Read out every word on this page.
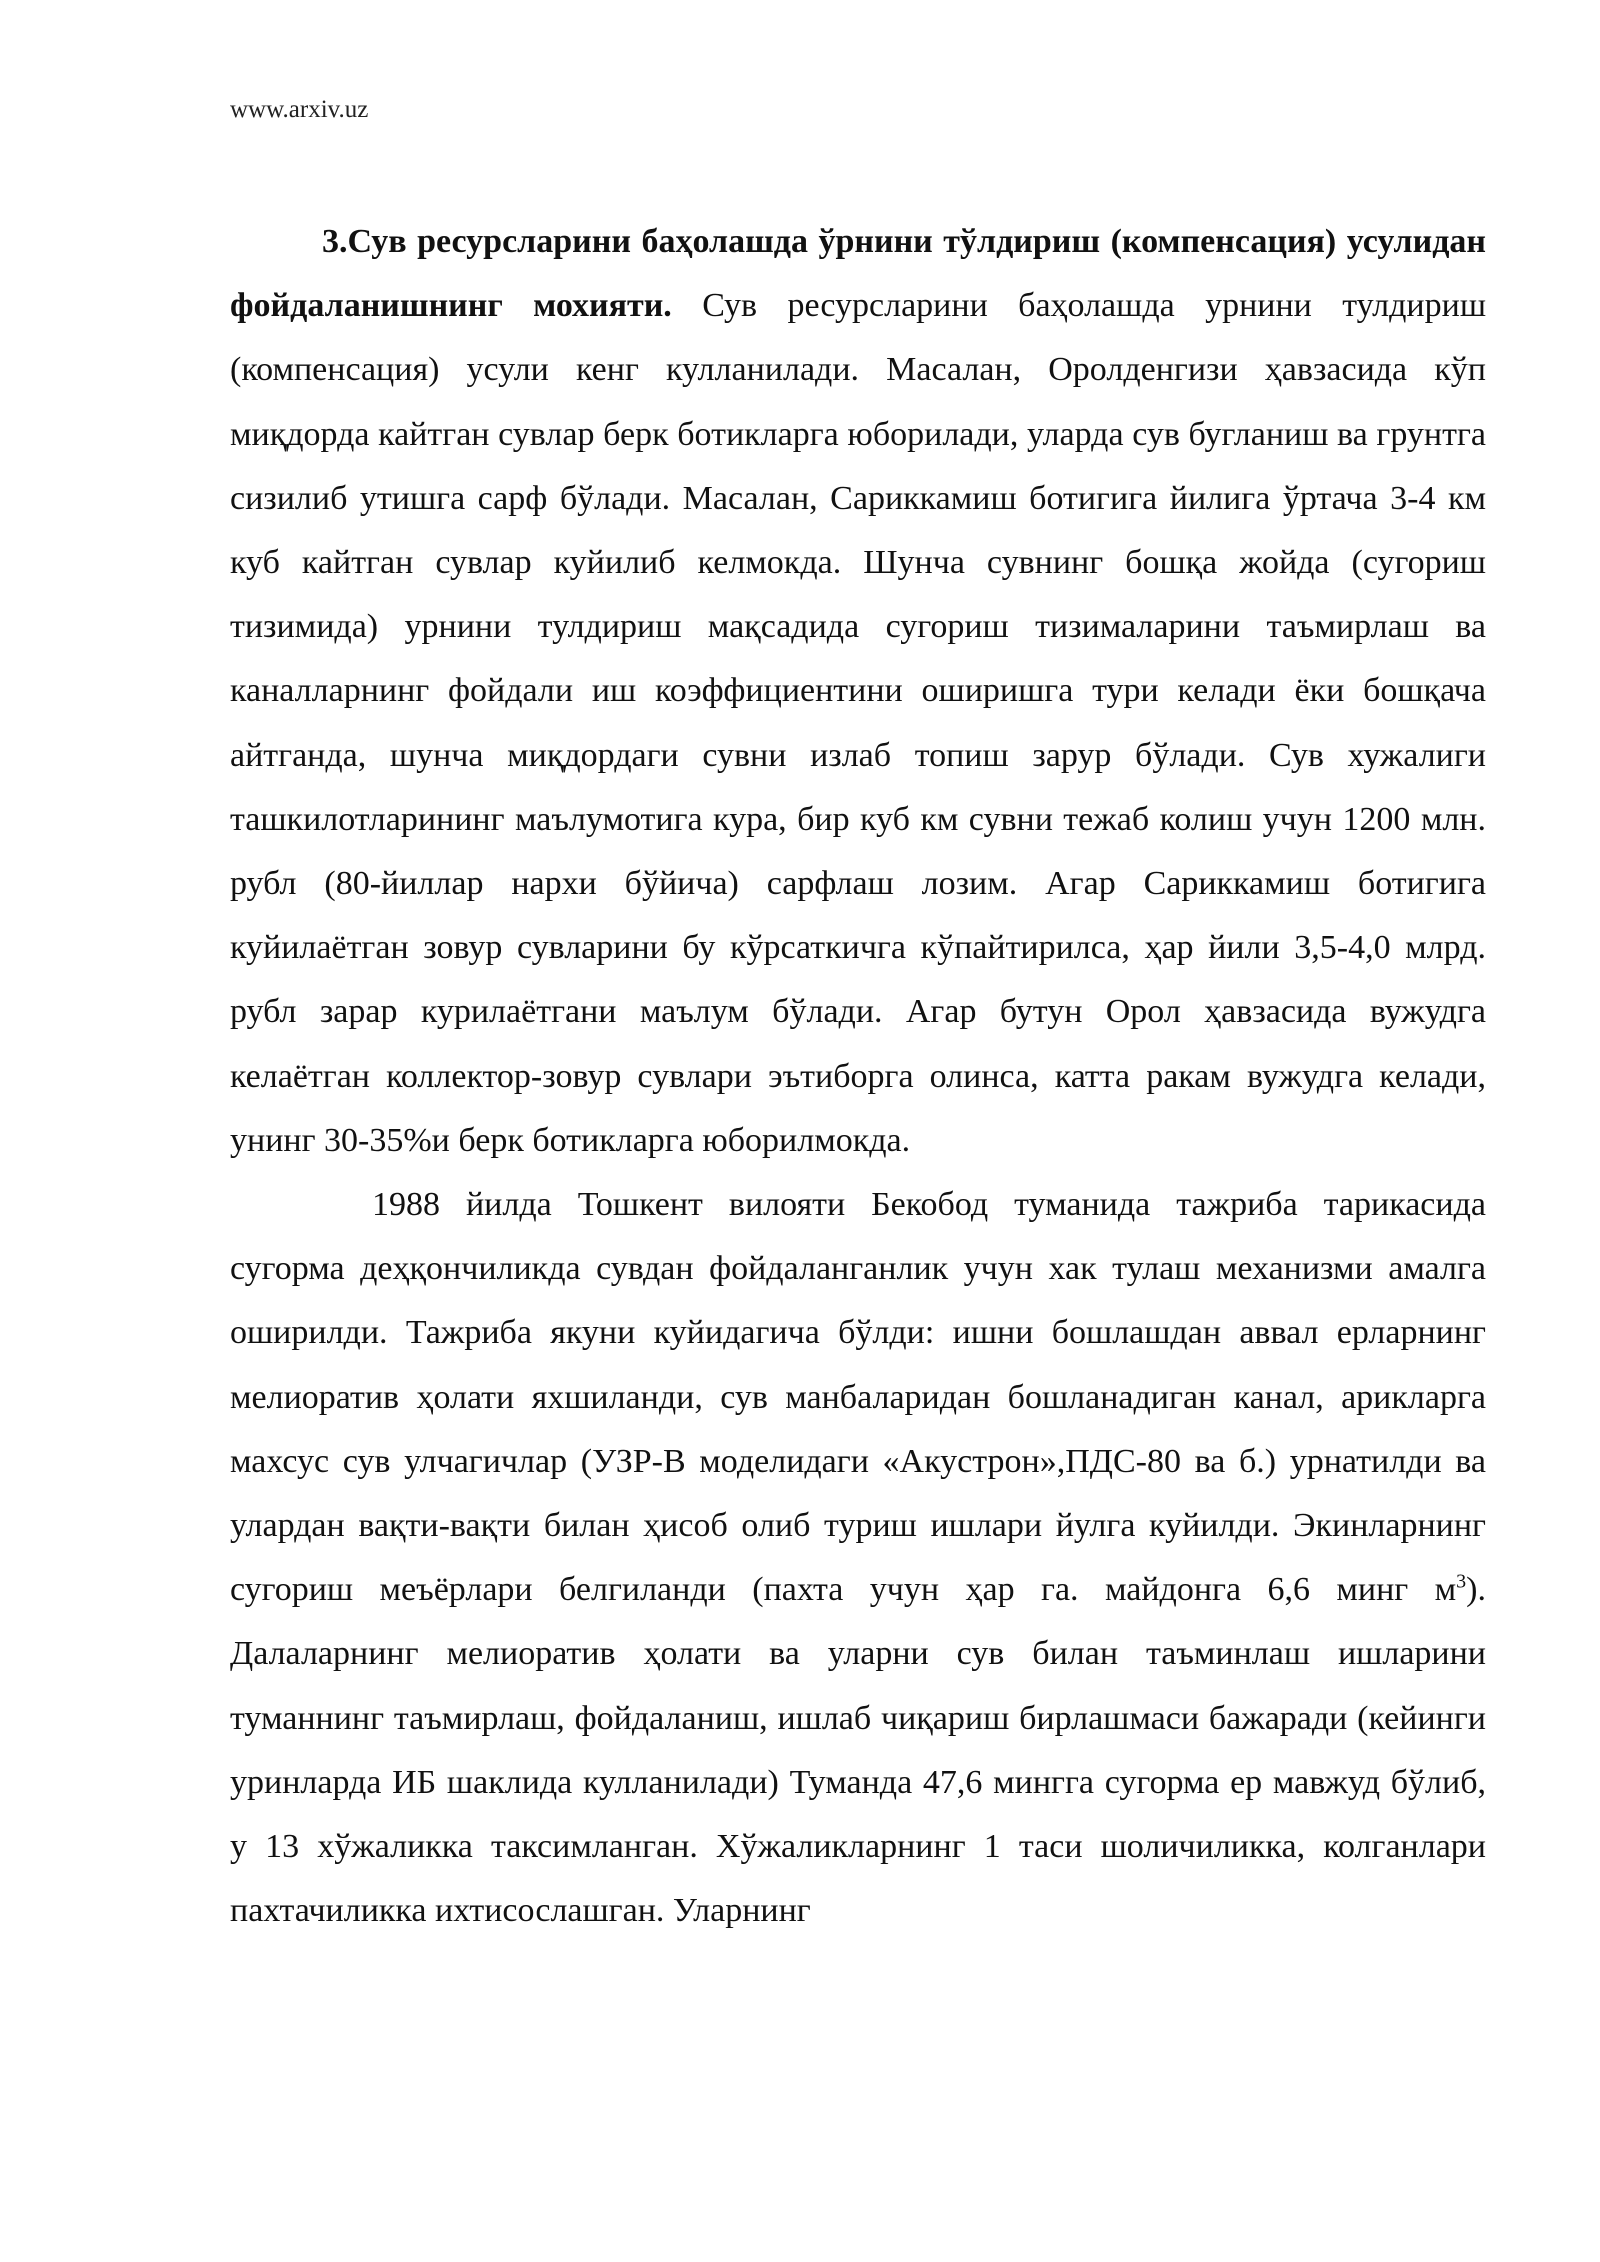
www.arxiv.uz

3.Сув ресурсларини баҳолашда ўрнини тўлдириш (компенсация) усулидан фойдаланишнинг мохияти. Сув ресурсларини баҳолашда урнини тулдириш (компенсация) усули кенг кулланилади. Масалан, Оролденгизи ҳавзасида кўп миқдорда кайтган сувлар берк ботикларга юборилади, уларда сув бугланиш ва грунтга сизилиб утишга сарф бўлади. Масалан, Сариккамиш ботигига йилига ўртача 3-4 км куб кайтган сувлар куйилиб келмокда. Шунча сувнинг бошқа жойда (сугориш тизимида) урнини тулдириш мақсадида сугориш тизималарини таъмирлаш ва каналларнинг фойдали иш коэффициентини оширишга тури келади ёки бошқача айтганда, шунча миқдордаги сувни излаб топиш зарур бўлади. Сув хужалиги ташкилотларининг маълумотига кура, бир куб км сувни тежаб колиш учун 1200 млн. рубл (80-йиллар нархи бўйича) сарфлаш лозим. Агар Сариккамиш ботигига куйилаётган зовур сувларини бу кўрсаткичга кўпайтирилса, ҳар йили 3,5-4,0 млрд. рубл зарар курилаётгани маълум бўлади. Агар бутун Орол ҳавзасида вужудга келаётган коллектор-зовур сувлари эътиборга олинса, катта ракам вужудга келади, унинг 30-35%и берк ботикларга юборилмокда.

1988 йилда Тошкент вилояти Бекобод туманида тажриба тарикасида сугорма деҳқончиликда сувдан фойдаланганлик учун хак тулаш механизми амалга оширилди. Тажриба якуни куйидагича бўлди: ишни бошлашдан аввал ерларнинг мелиоратив ҳолати яхшиланди, сув манбаларидан бошланадиган канал, арикларга махсус сув улчагичлар (УЗР-В моделидаги «Акустрон»,ПДС-80 ва б.) урнатилди ва улардан вақти-вақти билан ҳисоб олиб туриш ишлари йулга куйилди. Экинларнинг сугориш меъёрлари белгиланди (пахта учун ҳар га. майдонга 6,6 минг $м^3$). Далаларнинг мелиоратив ҳолати ва уларни сув билан таъминлаш ишларини туманнинг таъмирлаш, фойдаланиш, ишлаб чиқариш бирлашмаси бажаради (кейинги уринларда ИБ шаклида кулланилади) Туманда 47,6 мингга сугорма ер мавжуд бўлиб, у 13 хўжаликка таксимланган. Хўжаликларнинг 1 таси шоличиликка, колганлари пахтачиликка ихтисослашган. Уларнинг
